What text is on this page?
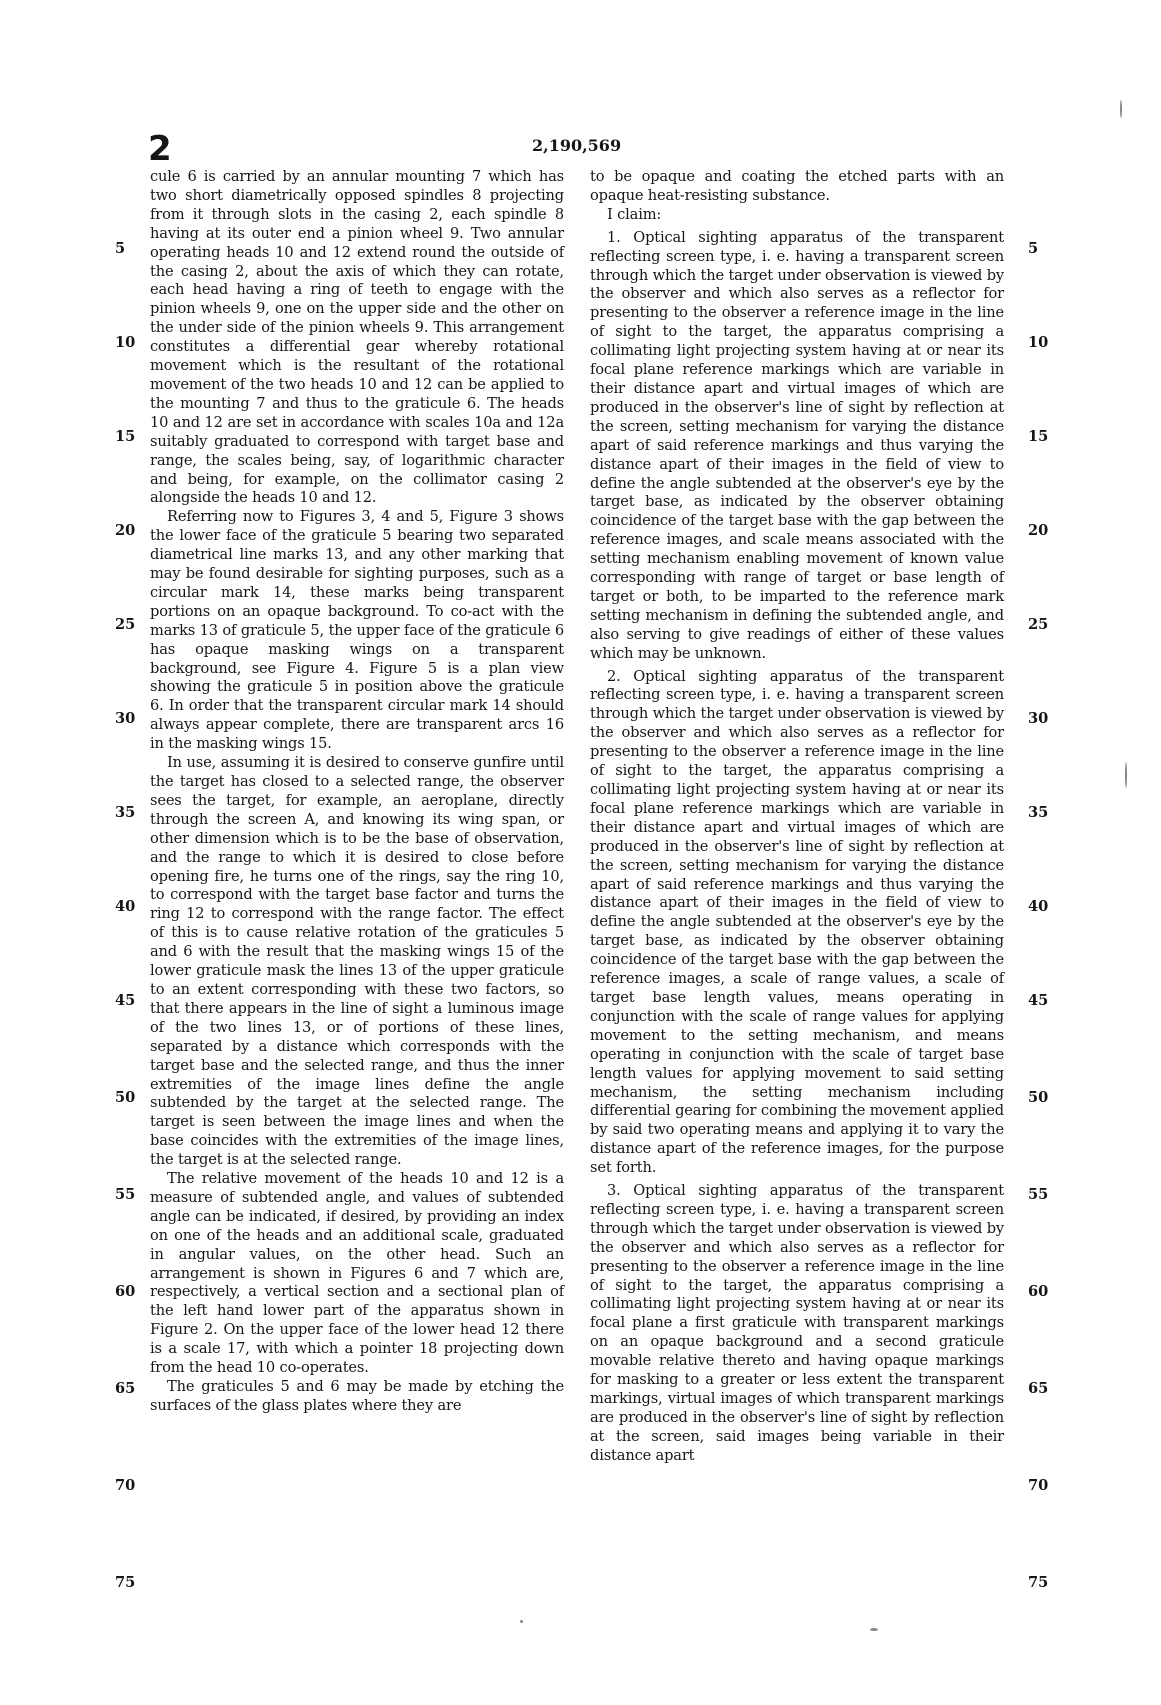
2	2,190,569

cule 6 is carried by an annular mounting 7 which has two short diametrically opposed spindles 8 projecting from it through slots in the casing 2, each spindle 8 having at its outer end a pinion wheel 9. Two annular operating heads 10 and 12 extend round the outside of the casing 2, about the axis of which they can rotate, each head having a ring of teeth to engage with the pinion wheels 9, one on the upper side and the other on the under side of the pinion wheels 9. This arrangement constitutes a differential gear whereby rotational movement which is the resultant of the rotational movement of the two heads 10 and 12 can be applied to the mounting 7 and thus to the graticule 6. The heads 10 and 12 are set in accordance with scales 10a and 12a suitably graduated to correspond with target base and range, the scales being, say, of logarithmic character and being, for example, on the collimator casing 2 alongside the heads 10 and 12.

Referring now to Figures 3, 4 and 5, Figure 3 shows the lower face of the graticule 5 bearing two separated diametrical line marks 13, and any other marking that may be found desirable for sighting purposes, such as a circular mark 14, these marks being transparent portions on an opaque background. To co-act with the marks 13 of graticule 5, the upper face of the graticule 6 has opaque masking wings on a transparent background, see Figure 4. Figure 5 is a plan view showing the graticule 5 in position above the graticule 6. In order that the transparent circular mark 14 should always appear complete, there are transparent arcs 16 in the masking wings 15.

In use, assuming it is desired to conserve gunfire until the target has closed to a selected range, the observer sees the target, for example, an aeroplane, directly through the screen A, and knowing its wing span, or other dimension which is to be the base of observation, and the range to which it is desired to close before opening fire, he turns one of the rings, say the ring 10, to correspond with the target base factor and turns the ring 12 to correspond with the range factor. The effect of this is to cause relative rotation of the graticules 5 and 6 with the result that the masking wings 15 of the lower graticule mask the lines 13 of the upper graticule to an extent corresponding with these two factors, so that there appears in the line of sight a luminous image of the two lines 13, or of portions of these lines, separated by a distance which corresponds with the target base and the selected range, and thus the inner extremities of the image lines define the angle subtended by the target at the selected range. The target is seen between the image lines and when the base coincides with the extremities of the image lines, the target is at the selected range.

The relative movement of the heads 10 and 12 is a measure of subtended angle, and values of subtended angle can be indicated, if desired, by providing an index on one of the heads and an additional scale, graduated in angular values, on the other head. Such an arrangement is shown in Figures 6 and 7 which are, respectively, a vertical section and a sectional plan of the left hand lower part of the apparatus shown in Figure 2. On the upper face of the lower head 12 there is a scale 17, with which a pointer 18 projecting down from the head 10 co-operates.

The graticules 5 and 6 may be made by etching the surfaces of the glass plates where they are

to be opaque and coating the etched parts with an opaque heat-resisting substance.

I claim:

1. Optical sighting apparatus of the transparent reflecting screen type, i. e. having a transparent screen through which the target under observation is viewed by the observer and which also serves as a reflector for presenting to the observer a reference image in the line of sight to the target, the apparatus comprising a collimating light projecting system having at or near its focal plane reference markings which are variable in their distance apart and virtual images of which are produced in the observer's line of sight by reflection at the screen, setting mechanism for varying the distance apart of said reference markings and thus varying the distance apart of their images in the field of view to define the angle subtended at the observer's eye by the target base, as indicated by the observer obtaining coincidence of the target base with the gap between the reference images, and scale means associated with the setting mechanism enabling movement of known value corresponding with range of target or base length of target or both, to be imparted to the reference mark setting mechanism in defining the subtended angle, and also serving to give readings of either of these values which may be unknown.

2. Optical sighting apparatus of the transparent reflecting screen type, i. e. having a transparent screen through which the target under observation is viewed by the observer and which also serves as a reflector for presenting to the observer a reference image in the line of sight to the target, the apparatus comprising a collimating light projecting system having at or near its focal plane reference markings which are variable in their distance apart and virtual images of which are produced in the observer's line of sight by reflection at the screen, setting mechanism for varying the distance apart of said reference markings and thus varying the distance apart of their images in the field of view to define the angle subtended at the observer's eye by the target base, as indicated by the observer obtaining coincidence of the target base with the gap between the reference images, a scale of range values, a scale of target base length values, means operating in conjunction with the scale of range values for applying movement to the setting mechanism, and means operating in conjunction with the scale of target base length values for applying movement to said setting mechanism, the setting mechanism including differential gearing for combining the movement applied by said two operating means and applying it to vary the distance apart of the reference images, for the purpose set forth.

3. Optical sighting apparatus of the transparent reflecting screen type, i. e. having a transparent screen through which the target under observation is viewed by the observer and which also serves as a reflector for presenting to the observer a reference image in the line of sight to the target, the apparatus comprising a collimating light projecting system having at or near its focal plane a first graticule with transparent markings on an opaque background and a second graticule movable relative thereto and having opaque markings for masking to a greater or less extent the transparent markings, virtual images of which transparent markings are produced in the observer's line of sight by reflection at the screen, said images being variable in their distance apart

5
10
15
20
25
30
35
40
45
50
55
60
65
70
75
5
10
15
20
25
30
35
40
45
50
55
60
65
70
75
